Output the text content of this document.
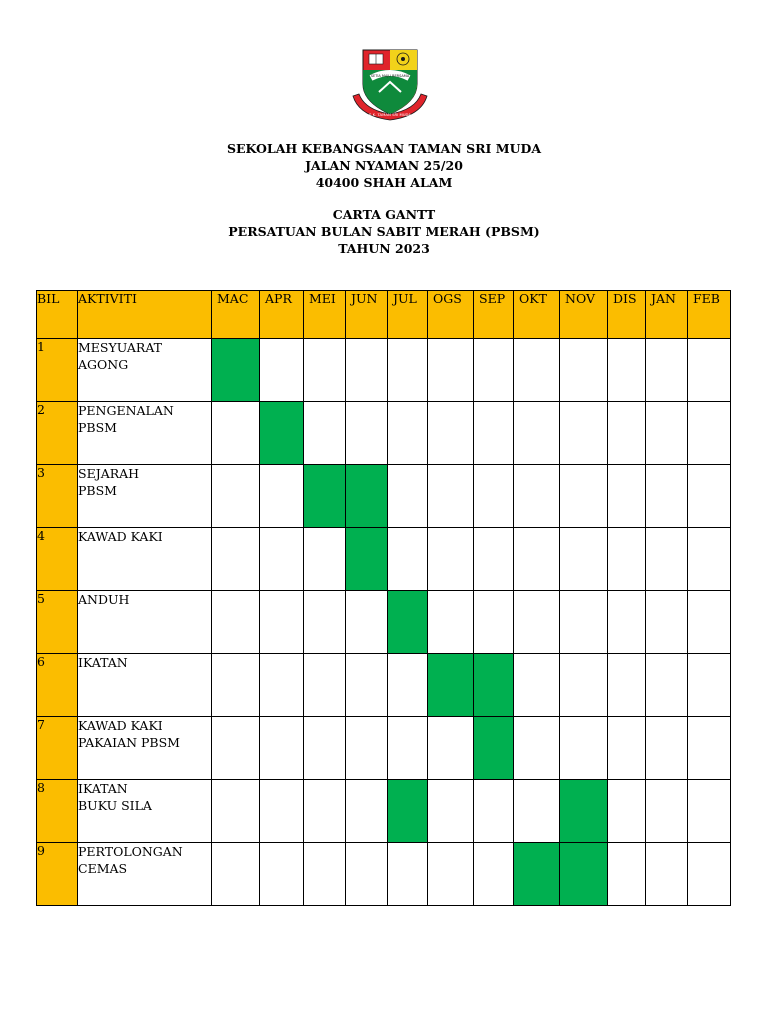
SETIA MAJU BERSAMA
S.K. TAMAN SRI MUDA
SEKOLAH KEBANGSAAN TAMAN SRI MUDA
JALAN NYAMAN 25/20
40400 SHAH ALAM
CARTA GANTT
PERSATUAN BULAN SABIT MERAH (PBSM)
TAHUN 2023
BIL	AKTIVITI	MAC	APR	MEI	JUN	JUL	OGS	SEP	OKT	NOV	DIS	JAN	FEB
1	MESYUARAT
AGONG												

2	PENGENALAN
PBSM												

3	SEJARAH
PBSM												

4	KAWAD KAKI												

5	ANDUH												

6	IKATAN												

7	KAWAD KAKI
PAKAIAN PBSM												

8	IKATAN
BUKU SILA												

9	PERTOLONGAN
CEMAS												
